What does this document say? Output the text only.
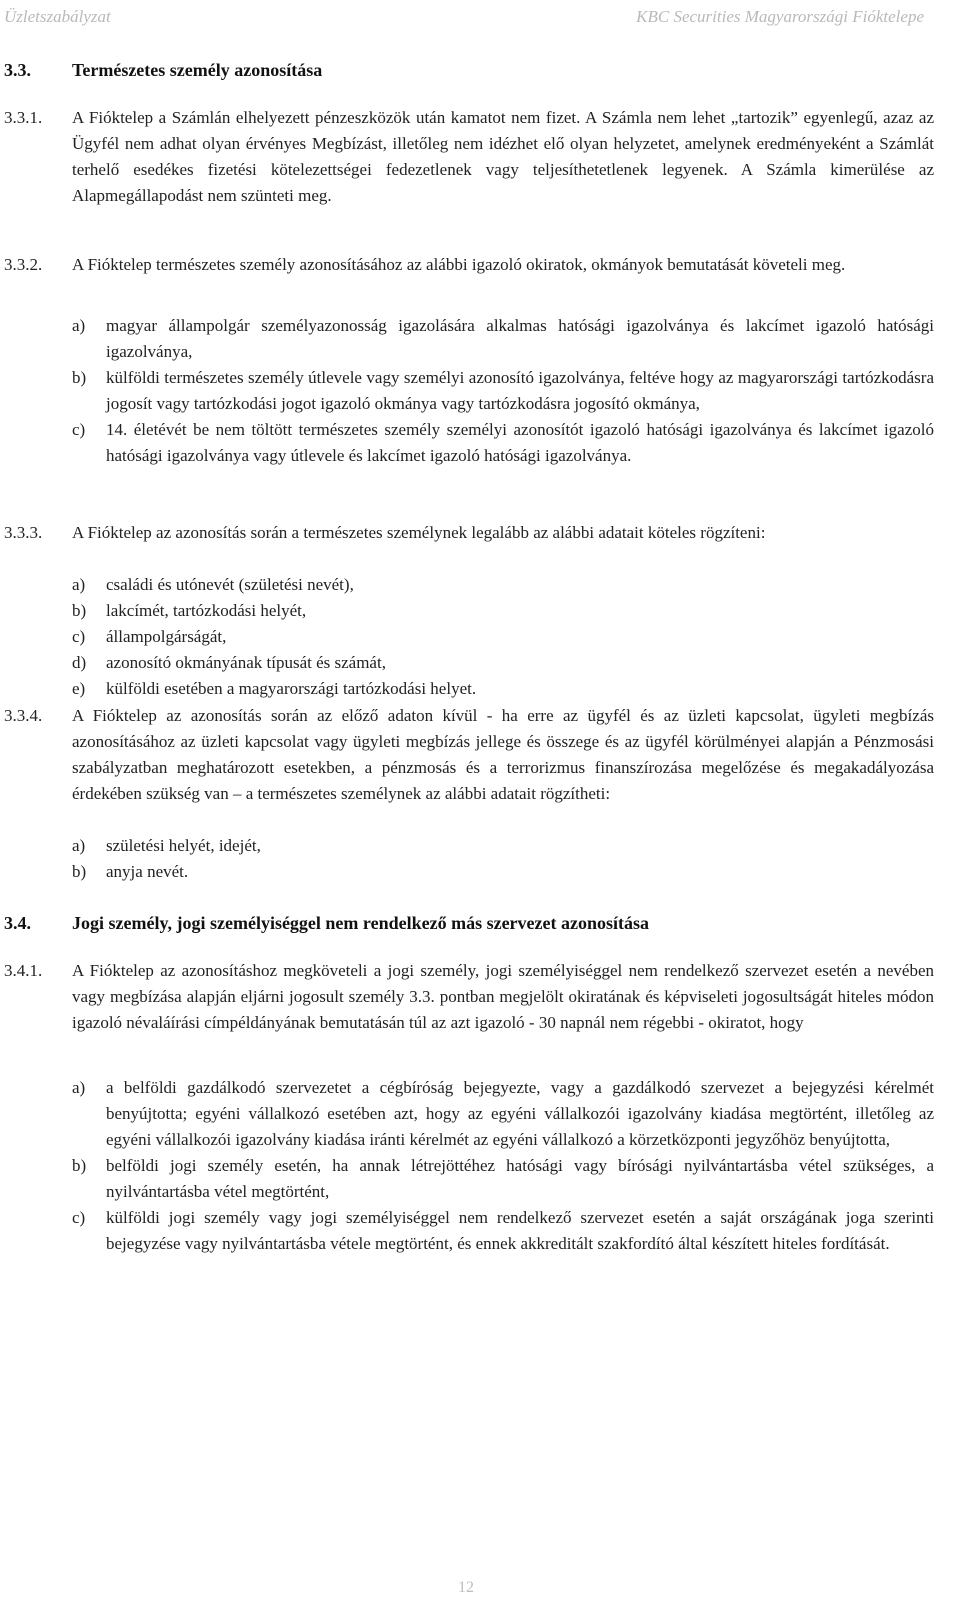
Üzletszabályzat	KBC Securities Magyarországi Fióktelepe
3.3. Természetes személy azonosítása
3.3.1.	A Fióktelep a Számlán elhelyezett pénzeszközök után kamatot nem fizet. A Számla nem lehet „tartozik” egyenlegű, azaz az Ügyfél nem adhat olyan érvényes Megbízást, illetőleg nem idézhet elő olyan helyzetet, amelynek eredményeként a Számlát terhelő esedékes fizetési kötelezettségei fedezetlenek vagy teljesíthetetlenek legyenek. A Számla kimerülése az Alapmegállapodást nem szünteti meg.
3.3.2.	A Fióktelep természetes személy azonosításához az alábbi igazoló okiratok, okmányok bemutatását követeli meg.
a) magyar állampolgár személyazonosság igazolására alkalmas hatósági igazolványa és lakcímet igazoló hatósági igazolványa,
b) külföldi természetes személy útlevele vagy személyi azonosító igazolványa, feltéve hogy az magyarországi tartózkodásra jogosít vagy tartózkodási jogot igazoló okmánya vagy tartózkodásra jogosító okmánya,
c) 14. életévét be nem töltött természetes személy személyi azonosítót igazoló hatósági igazolványa és lakcímet igazoló hatósági igazolványa vagy útlevele és lakcímet igazoló hatósági igazolványa.
3.3.3.	A Fióktelep az azonosítás során a természetes személynek legalább az alábbi adatait köteles rögzíteni:
a) családi és utónevét (születési nevét),
b) lakcímét, tartózkodási helyét,
c) állampolgárságát,
d) azonosító okmányának típusát és számát,
e) külföldi esetében a magyarországi tartózkodási helyet.
3.3.4.	A Fióktelep az azonosítás során az előző adaton kívül - ha erre az ügyfél és az üzleti kapcsolat, ügyleti megbízás azonosításához az üzleti kapcsolat vagy ügyleti megbízás jellege és összege és az ügyfél körülményei alapján a Pénzmosási szabályzatban meghatározott esetekben, a pénzmosás és a terrorizmus finanszírozása megelőzése és megakadályozása érdekében szükség van – a természetes személynek az alábbi adatait rögzítheti:
a) születési helyét, idejét,
b) anyja nevét.
3.4. Jogi személy, jogi személyiséggel nem rendelkező más szervezet azonosítása
3.4.1.	A Fióktelep az azonosításhoz megköveteli a jogi személy, jogi személyiséggel nem rendelkező szervezet esetén a nevében vagy megbízása alapján eljárni jogosult személy 3.3. pontban megjelölt okiratának és képviseleti jogosultságát hiteles módon igazoló névaláírási címpéldányának bemutatásán túl az azt igazoló - 30 napnál nem régebbi - okiratot, hogy
a) a belföldi gazdálkodó szervezetet a cégbíróság bejegyezte, vagy a gazdálkodó szervezet a bejegyzési kérelmét benyújtotta; egyéni vállalkozó esetében azt, hogy az egyéni vállalkozói igazolvány kiadása megtörtént, illetőleg az egyéni vállalkozói igazolvány kiadása iránti kérelmét az egyéni vállalkozó a körzetközponti jegyzőhöz benyújtotta,
b) belföldi jogi személy esetén, ha annak létrejöttéhez hatósági vagy bírósági nyilvántartásba vétel szükséges, a nyilvántartásba vétel megtörtént,
c) külföldi jogi személy vagy jogi személyiséggel nem rendelkező szervezet esetén a saját országának joga szerinti bejegyzése vagy nyilvántartásba vétele megtörtént, és ennek akkreditált szakfordító által készített hiteles fordítását.
12
